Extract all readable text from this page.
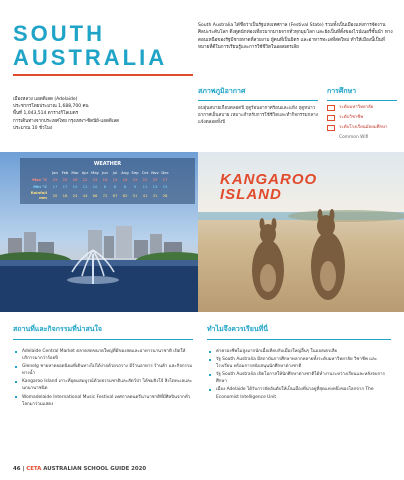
SOUTH
AUSTRALIA
South Australia ได้ชื่อว่าเป็นรัฐแห่งเทศกาล (Festival State) รวมทั้งเป็นเมืองแห่งการจัดงานศิลปะระดับโลก ดึงดูดนักท่องเที่ยวมากมายจากทั่วทุกมุมโลก และยังเป็นที่ตั้งของไวน์เนอรี่ชั้นนำ ทางตอนเหนือของรัฐมีชายหาดที่สวยงาม ผู้คนที่เป็นมิตร และอาหารทะเลที่สดใหม่ ทำให้เมืองนี้เป็นที่หมายที่ดีในการเรียนรู้และการใช้ชีวิตในออสเตรเลีย
เมืองหลวง แอดดิเลด (Adelaide)
ประชากรโดยประมาณ 1,688,700 คน
พื้นที่ 1,043,514 ตารางกิโลเมตร
การเดินทางจากประเทศไทย กรุงเทพฯ-ซิดนีย์-แอดดิเลด
ประมาณ 10 ชั่วโมง
สภาพภูมิอากาศ
อบอุ่นสบายเกือบตลอดปี ฤดูร้อนอากาศร้อนและแห้ง ฤดูหนาวอากาศเย็นสบาย เหมาะสำหรับการใช้ชีวิตและทำกิจกรรมกลางแจ้งตลอดทั้งปี
การศึกษา
ระดับมหาวิทยาลัย
ระดับวิชาชีพ
ระดับโรงเรียนมัธยมศึกษา
Common Wifi
WEATHER
	Jan	Feb	Mar	Apr	May	Jun	Jul	Aug	Sep	Oct	Nov	Dec
Max °C	29	29	26	22	19	16	15	16	19	22	25	27
Min °C	17	17	15	12	10	8	8	8	9	11	13	15
Rainfall mm	20	18	24	44	68	72	67	62	51	41	31	28
KANGAROO
ISLAND
สถานที่และกิจกรรมที่น่าสนใจ
Adelaide Central Market ตลาดสดขนาดใหญ่ที่มีของสดและอาหารนานาชาติ เปิดให้บริการมากว่าร้อยปี
Glenelg ชายหาดยอดนิยมที่เดินทางไปได้ง่ายด้วยรถราง มีร้านอาหาร ร้านค้า และกิจกรรมทางน้ำ
Kangaroo Island เกาะที่อุดมสมบูรณ์ด้วยธรรมชาติและสัตว์ป่า ได้ชมจิงโจ้ สิงโตทะเลและนกนานาชนิด
Womadelaide International Music Festival เทศกาลดนตรีนานาชาติที่มีศิลปินจากทั่วโลกมาร่วมแสดง
ทำไมจึงควรเรียนที่นี่
ค่าครองชีพไม่สูงมากนักเมื่อเทียบกับเมืองใหญ่อื่นๆ ในออสเตรเลีย
รัฐ South Australia มีสถาบันการศึกษาหลากหลายทั้งระดับมหาวิทยาลัย วิชาชีพ และโรงเรียน พร้อมการสนับสนุนนักศึกษาต่างชาติ
รัฐ South Australia เปิดโอกาสให้นักศึกษาต่างชาติได้ทำงานระหว่างเรียนและหลังจบการศึกษา
เมือง Adelaide ได้รับการจัดอันดับให้เป็นเมืองที่น่าอยู่ที่สุดแห่งหนึ่งของโลกจาก The Economist Intelligence Unit
46 | CETA AUSTRALIAN SCHOOL GUIDE 2020
